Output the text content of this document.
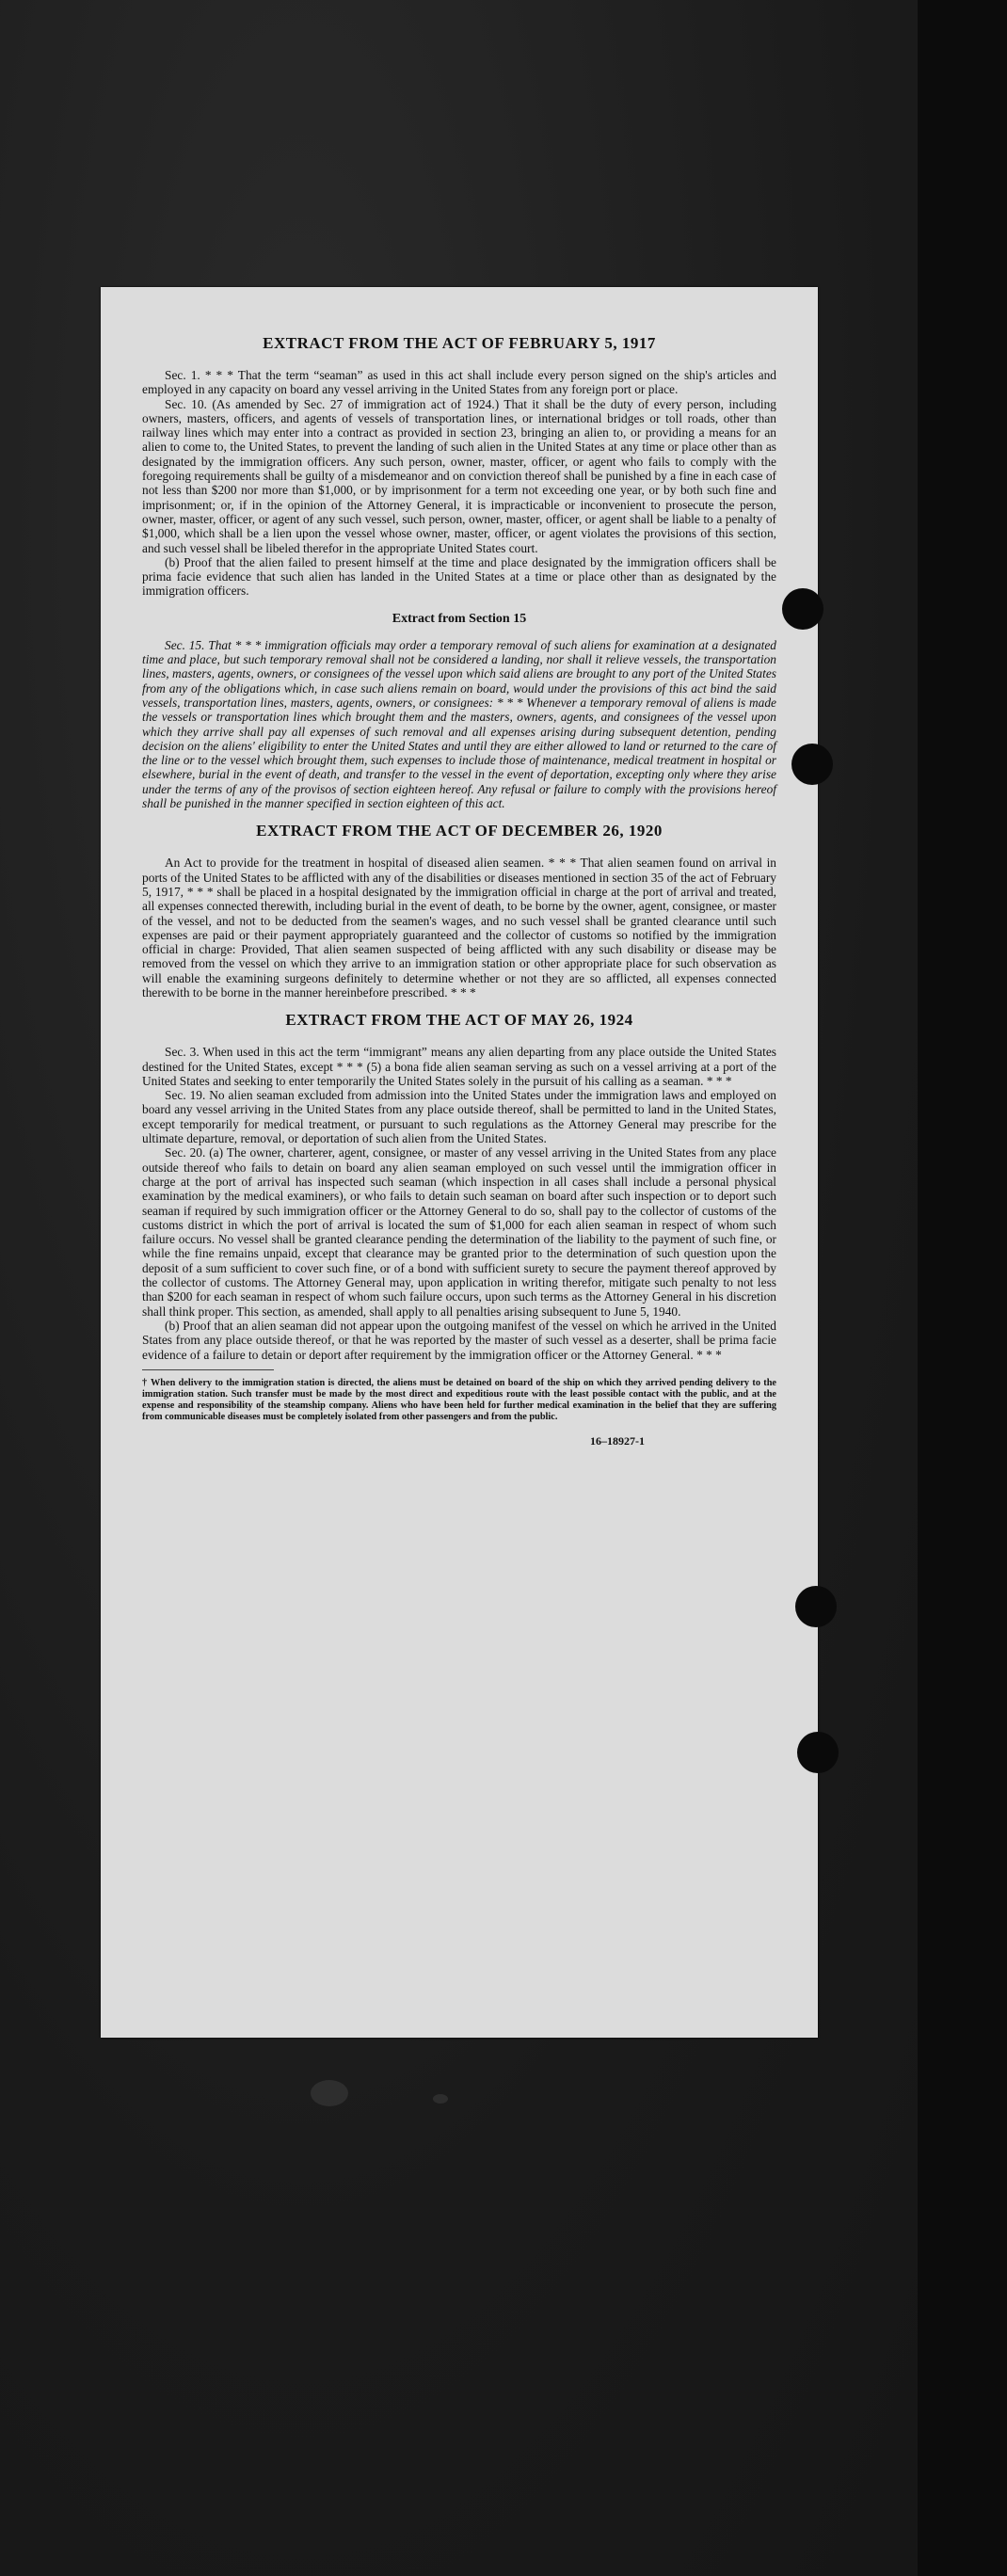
EXTRACT FROM THE ACT OF FEBRUARY 5, 1917

Sec. 1. * * * That the term “seaman” as used in this act shall include every person signed on the ship's articles and employed in any capacity on board any vessel arriving in the United States from any foreign port or place.

Sec. 10. (As amended by Sec. 27 of immigration act of 1924.) That it shall be the duty of every person, including owners, masters, officers, and agents of vessels of transportation lines, or international bridges or toll roads, other than railway lines which may enter into a contract as provided in section 23, bringing an alien to, or providing a means for an alien to come to, the United States, to prevent the landing of such alien in the United States at any time or place other than as designated by the immigration officers. Any such person, owner, master, officer, or agent who fails to comply with the foregoing requirements shall be guilty of a misdemeanor and on conviction thereof shall be punished by a fine in each case of not less than $200 nor more than $1,000, or by imprisonment for a term not exceeding one year, or by both such fine and imprisonment; or, if in the opinion of the Attorney General, it is impracticable or inconvenient to prosecute the person, owner, master, officer, or agent of any such vessel, such person, owner, master, officer, or agent shall be liable to a penalty of $1,000, which shall be a lien upon the vessel whose owner, master, officer, or agent violates the provisions of this section, and such vessel shall be libeled therefor in the appropriate United States court.

(b) Proof that the alien failed to present himself at the time and place designated by the immigration officers shall be prima facie evidence that such alien has landed in the United States at a time or place other than as designated by the immigration officers.

Extract from Section 15

Sec. 15. That * * * immigration officials may order a temporary removal of such aliens for examination at a designated time and place, but such temporary removal shall not be considered a landing, nor shall it relieve vessels, the transportation lines, masters, agents, owners, or consignees of the vessel upon which said aliens are brought to any port of the United States from any of the obligations which, in case such aliens remain on board, would under the provisions of this act bind the said vessels, transportation lines, masters, agents, owners, or consignees: * * * Whenever a temporary removal of aliens is made the vessels or transportation lines which brought them and the masters, owners, agents, and consignees of the vessel upon which they arrive shall pay all expenses of such removal and all expenses arising during subsequent detention, pending decision on the aliens' eligibility to enter the United States and until they are either allowed to land or returned to the care of the line or to the vessel which brought them, such expenses to include those of maintenance, medical treatment in hospital or elsewhere, burial in the event of death, and transfer to the vessel in the event of deportation, excepting only where they arise under the terms of any of the provisos of section eighteen hereof. Any refusal or failure to comply with the provisions hereof shall be punished in the manner specified in section eighteen of this act.

EXTRACT FROM THE ACT OF DECEMBER 26, 1920

An Act to provide for the treatment in hospital of diseased alien seamen. * * * That alien seamen found on arrival in ports of the United States to be afflicted with any of the disabilities or diseases mentioned in section 35 of the act of February 5, 1917, * * * shall be placed in a hospital designated by the immigration official in charge at the port of arrival and treated, all expenses connected therewith, including burial in the event of death, to be borne by the owner, agent, consignee, or master of the vessel, and not to be deducted from the seamen's wages, and no such vessel shall be granted clearance until such expenses are paid or their payment appropriately guaranteed and the collector of customs so notified by the immigration official in charge: Provided, That alien seamen suspected of being afflicted with any such disability or disease may be removed from the vessel on which they arrive to an immigration station or other appropriate place for such observation as will enable the examining surgeons definitely to determine whether or not they are so afflicted, all expenses connected therewith to be borne in the manner hereinbefore prescribed. * * *

EXTRACT FROM THE ACT OF MAY 26, 1924

Sec. 3. When used in this act the term “immigrant” means any alien departing from any place outside the United States destined for the United States, except * * * (5) a bona fide alien seaman serving as such on a vessel arriving at a port of the United States and seeking to enter temporarily the United States solely in the pursuit of his calling as a seaman. * * *

Sec. 19. No alien seaman excluded from admission into the United States under the immigration laws and employed on board any vessel arriving in the United States from any place outside thereof, shall be permitted to land in the United States, except temporarily for medical treatment, or pursuant to such regulations as the Attorney General may prescribe for the ultimate departure, removal, or deportation of such alien from the United States.

Sec. 20. (a) The owner, charterer, agent, consignee, or master of any vessel arriving in the United States from any place outside thereof who fails to detain on board any alien seaman employed on such vessel until the immigration officer in charge at the port of arrival has inspected such seaman (which inspection in all cases shall include a personal physical examination by the medical examiners), or who fails to detain such seaman on board after such inspection or to deport such seaman if required by such immigration officer or the Attorney General to do so, shall pay to the collector of customs of the customs district in which the port of arrival is located the sum of $1,000 for each alien seaman in respect of whom such failure occurs. No vessel shall be granted clearance pending the determination of the liability to the payment of such fine, or while the fine remains unpaid, except that clearance may be granted prior to the determination of such question upon the deposit of a sum sufficient to cover such fine, or of a bond with sufficient surety to secure the payment thereof approved by the collector of customs. The Attorney General may, upon application in writing therefor, mitigate such penalty to not less than $200 for each seaman in respect of whom such failure occurs, upon such terms as the Attorney General in his discretion shall think proper. This section, as amended, shall apply to all penalties arising subsequent to June 5, 1940.

(b) Proof that an alien seaman did not appear upon the outgoing manifest of the vessel on which he arrived in the United States from any place outside thereof, or that he was reported by the master of such vessel as a deserter, shall be prima facie evidence of a failure to detain or deport after requirement by the immigration officer or the Attorney General. * * *

† When delivery to the immigration station is directed, the aliens must be detained on board of the ship on which they arrived pending delivery to the immigration station. Such transfer must be made by the most direct and expeditious route with the least possible contact with the public, and at the expense and responsibility of the steamship company. Aliens who have been held for further medical examination in the belief that they are suffering from communicable diseases must be completely isolated from other passengers and from the public.

16–18927-1
